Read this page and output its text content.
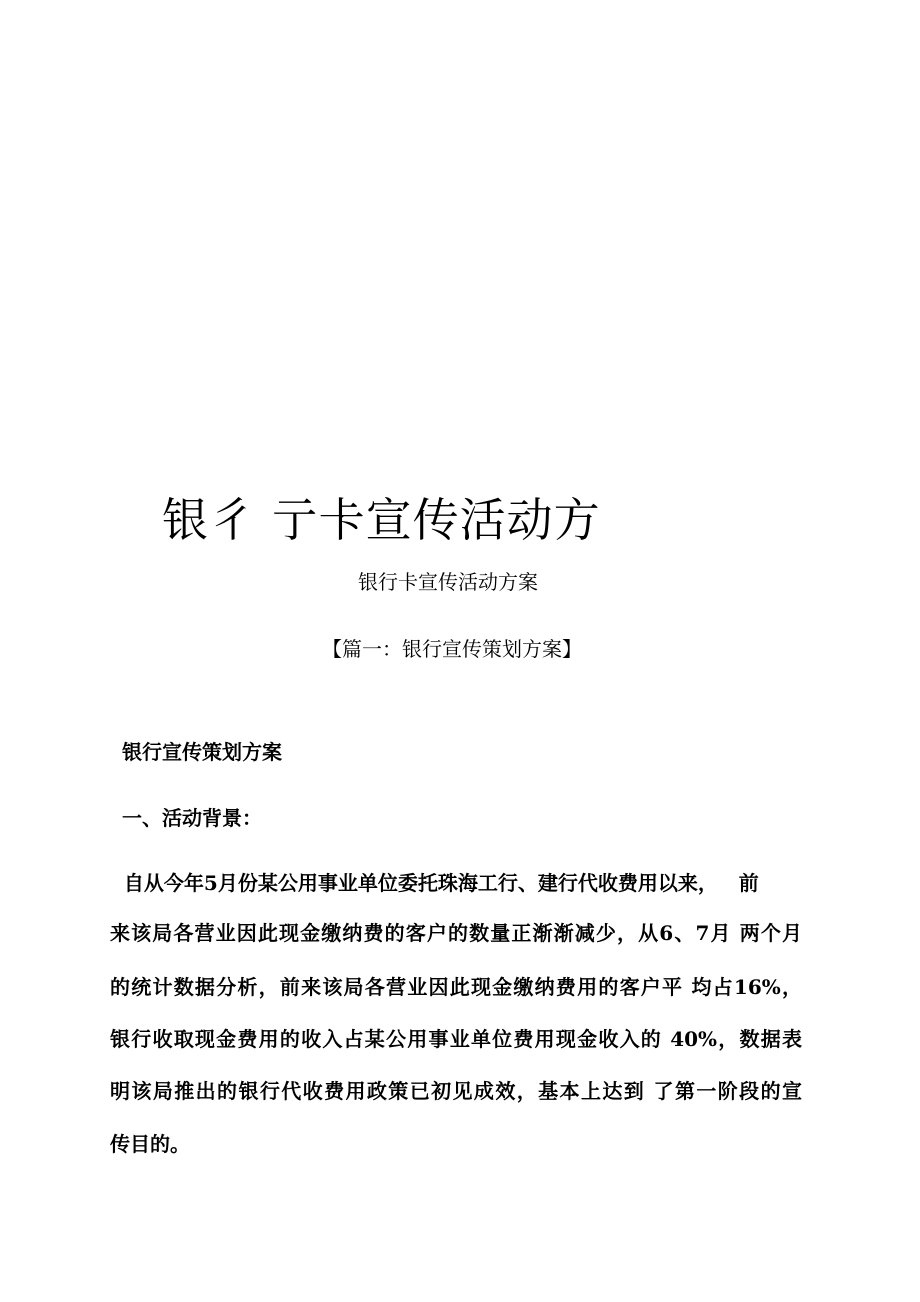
银彳 亍卡宣传活动方
银行卡宣传活动方案
【篇一：银行宣传策划方案】
银行宣传策划方案
一、活动背景：
自从今年5月份某公用事业单位委托珠海工行、建行代收费用以来，   前
来该局各营业因此现金缴纳费的客户的数量正渐渐减少，从6、7月 两个月
的统计数据分析，前来该局各营业因此现金缴纳费用的客户平 均占16%，
银行收取现金费用的收入占某公用事业单位费用现金收入的 40%，数据表
明该局推出的银行代收费用政策已初见成效，基本上达到 了第一阶段的宣
传目的。
